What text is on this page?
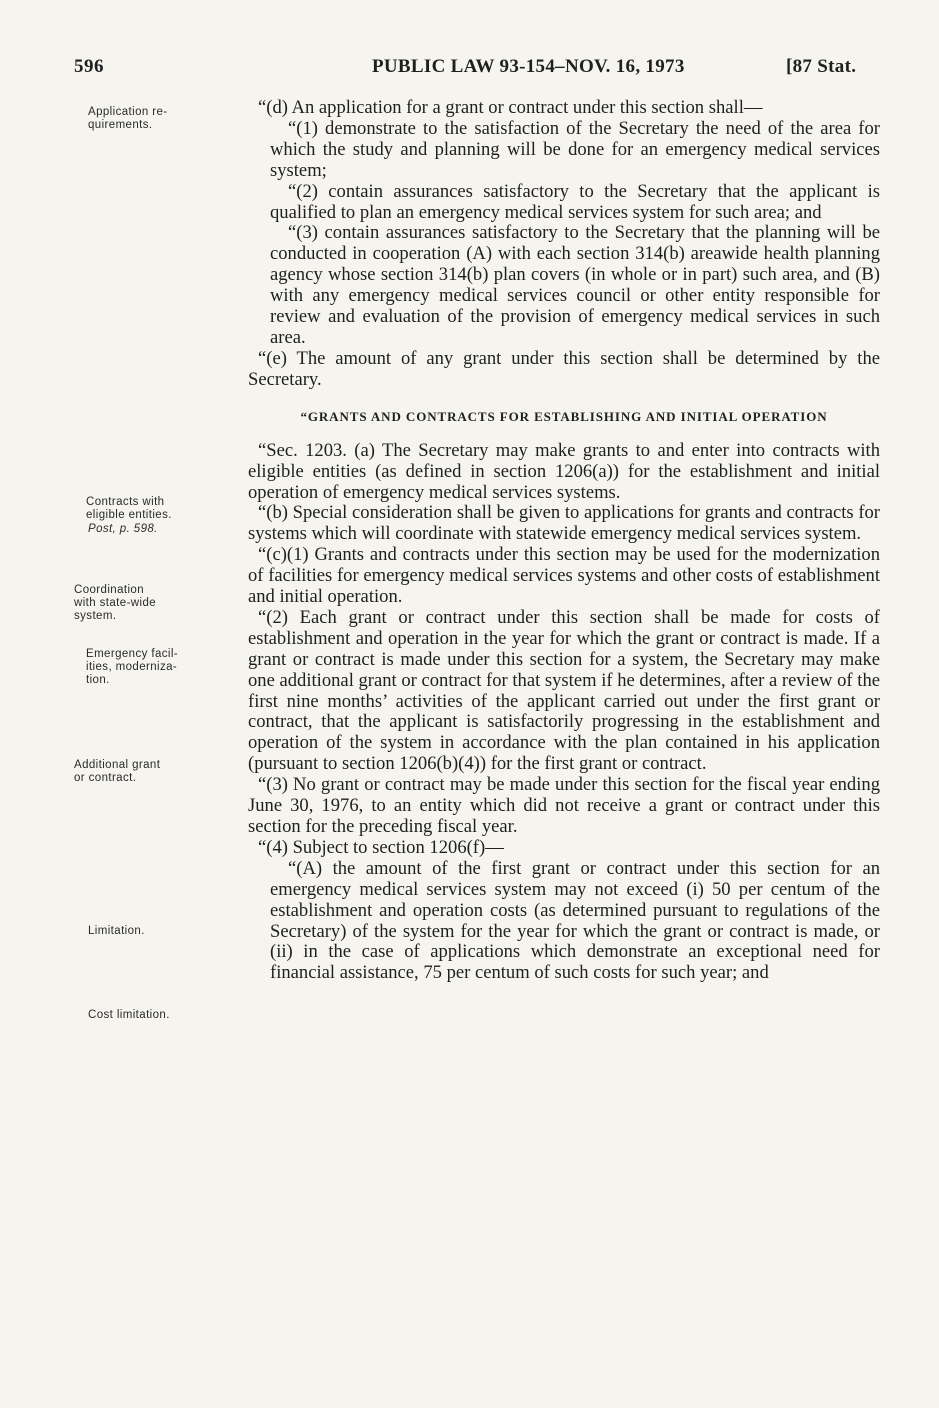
596	PUBLIC LAW 93-154–NOV. 16, 1973	[87 Stat.
Application re-
quirements.
Contracts with
eligible entities.
Post, p. 598.
Coordination
with state-wide
system.
Emergency facil-
ities, moderniza-
tion.
Additional grant
or contract.
Limitation.
Cost limitation.

“(d) An application for a grant or contract under this section shall—

“(1) demonstrate to the satisfaction of the Secretary the need of the area for which the study and planning will be done for an emergency medical services system;

“(2) contain assurances satisfactory to the Secretary that the applicant is qualified to plan an emergency medical services system for such area; and

“(3) contain assurances satisfactory to the Secretary that the planning will be conducted in cooperation (A) with each section 314(b) areawide health planning agency whose section 314(b) plan covers (in whole or in part) such area, and (B) with any emergency medical services council or other entity responsible for review and evaluation of the provision of emergency medical services in such area.

“(e) The amount of any grant under this section shall be determined by the Secretary.

“GRANTS AND CONTRACTS FOR ESTABLISHING AND INITIAL OPERATION

“Sec. 1203. (a) The Secretary may make grants to and enter into contracts with eligible entities (as defined in section 1206(a)) for the establishment and initial operation of emergency medical services systems.

“(b) Special consideration shall be given to applications for grants and contracts for systems which will coordinate with statewide emergency medical services system.

“(c)(1) Grants and contracts under this section may be used for the modernization of facilities for emergency medical services systems and other costs of establishment and initial operation.

“(2) Each grant or contract under this section shall be made for costs of establishment and operation in the year for which the grant or contract is made. If a grant or contract is made under this section for a system, the Secretary may make one additional grant or contract for that system if he determines, after a review of the first nine months’ activities of the applicant carried out under the first grant or contract, that the applicant is satisfactorily progressing in the establishment and operation of the system in accordance with the plan contained in his application (pursuant to section 1206(b)(4)) for the first grant or contract.

“(3) No grant or contract may be made under this section for the fiscal year ending June 30, 1976, to an entity which did not receive a grant or contract under this section for the preceding fiscal year.

“(4) Subject to section 1206(f)—

“(A) the amount of the first grant or contract under this section for an emergency medical services system may not exceed (i) 50 per centum of the establishment and operation costs (as determined pursuant to regulations of the Secretary) of the system for the year for which the grant or contract is made, or (ii) in the case of applications which demonstrate an exceptional need for financial assistance, 75 per centum of such costs for such year; and
